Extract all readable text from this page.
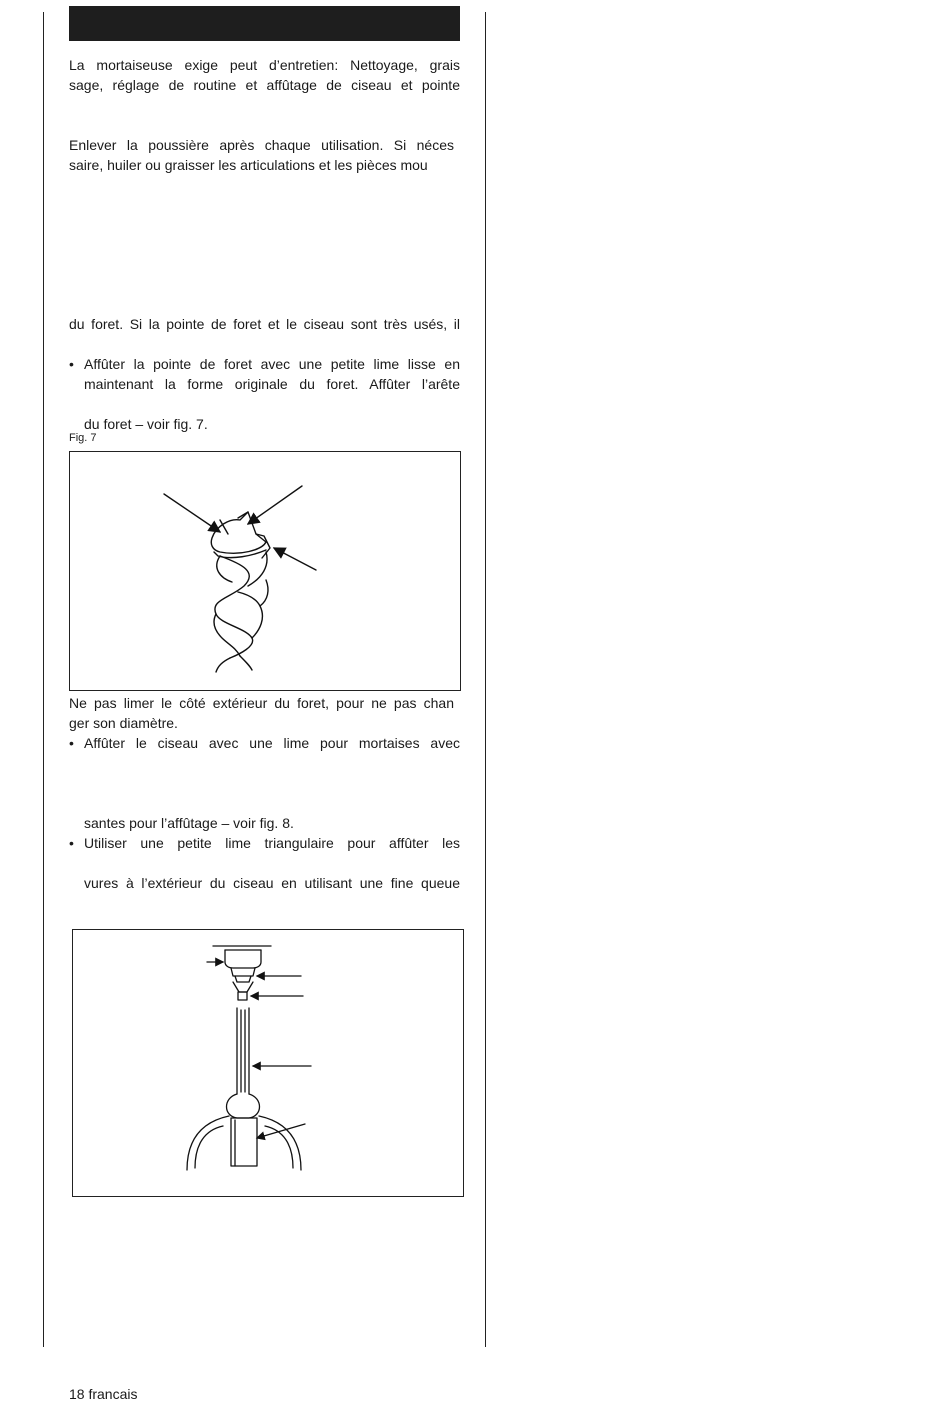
La mortaiseuse exige peut d’entretien: Nettoyage, grais
sage, réglage de routine et affûtage de ciseau et pointe
Enlever la poussière après chaque utilisation. Si néces
saire, huiler ou graisser les articulations et les pièces mou
du foret. Si la pointe de foret et le ciseau sont très usés, il
• Affûter la pointe de foret avec une petite lime lisse en
maintenant la forme originale du foret. Affûter l’arête
du foret – voir fig. 7.
Fig. 7
Ne pas limer le côté extérieur du foret, pour ne pas chan
ger son diamètre.
• Affûter le ciseau avec une lime pour mortaises avec
santes pour l’affûtage – voir fig. 8.
• Utiliser une petite lime triangulaire pour affûter les
vures à l’extérieur du ciseau en utilisant une fine queue
18 francais
